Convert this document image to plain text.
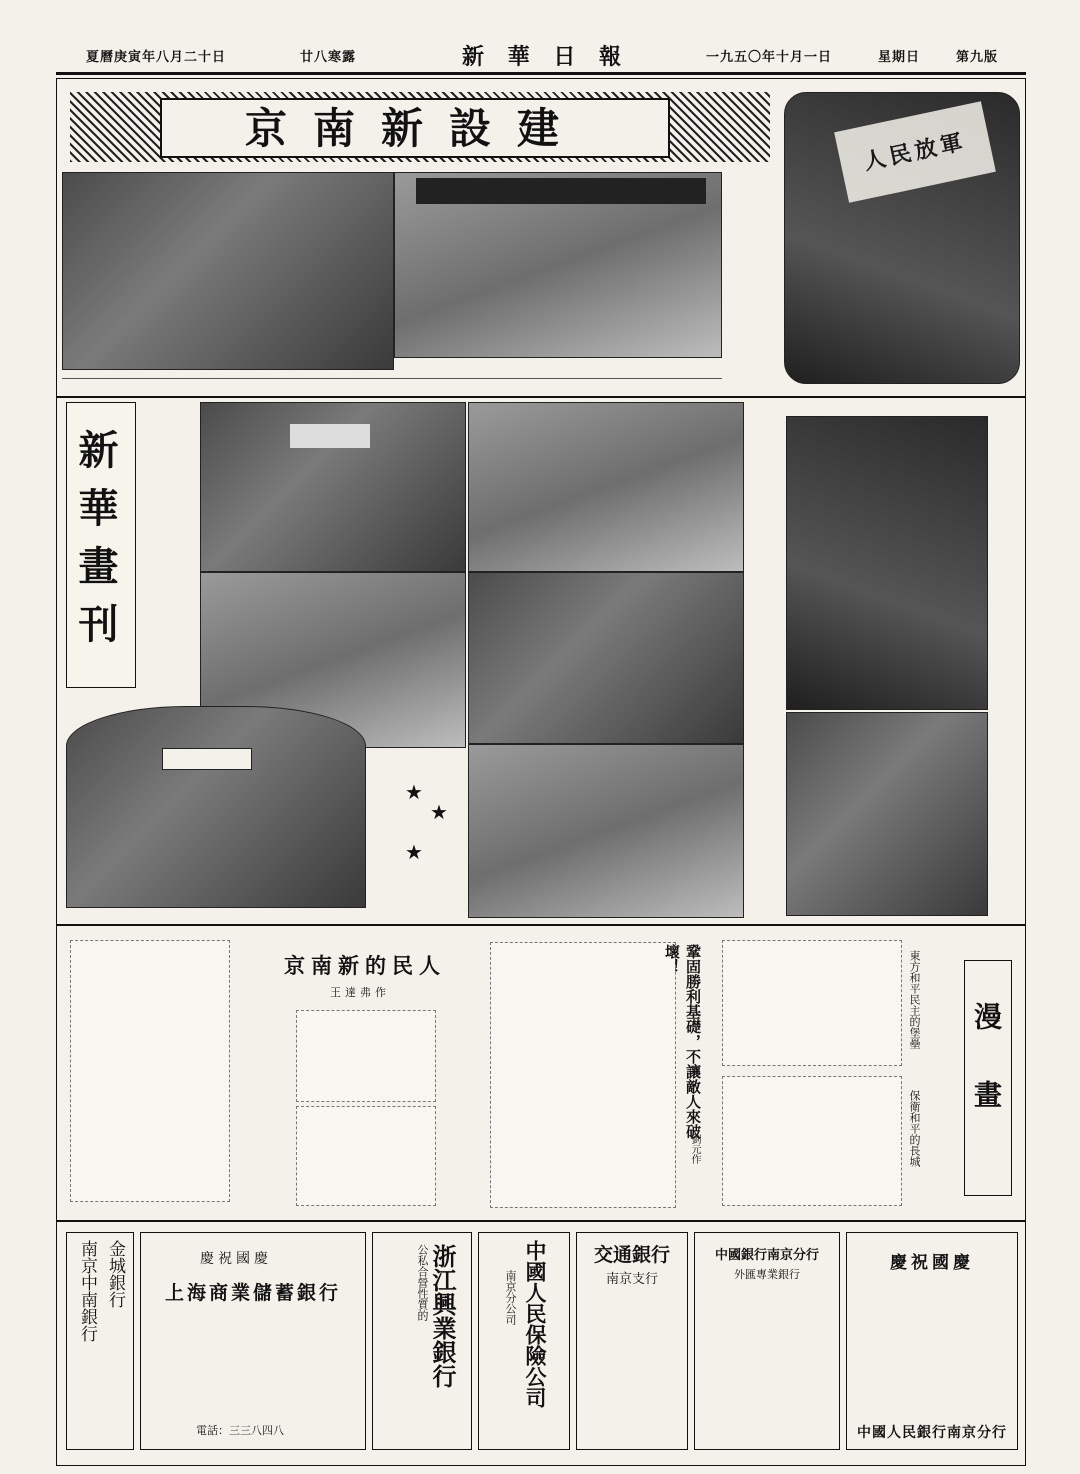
夏曆庚寅年八月二十日	廿八寒露	新 華 日 報	一九五〇年十月一日	星期日	第九版
京南新設建	人民放軍
新華畫刊
★
★
★
京南新的民人
王達弗作	鞏固勝利基礎，不讓敵人來破壞！
劉元作
東方和平民主的堡壘
保衛和平的長城 漫畫
金城銀行
南京中南銀行	慶祝國慶
上海商業儲蓄銀行
電話：三三八四八
浙江興業銀行
公私合營性質的	中國人民保險公司
南京分公司
交通銀行
南京支行
中國銀行南京分行
外匯專業銀行
慶祝國慶
中國人民銀行南京分行
